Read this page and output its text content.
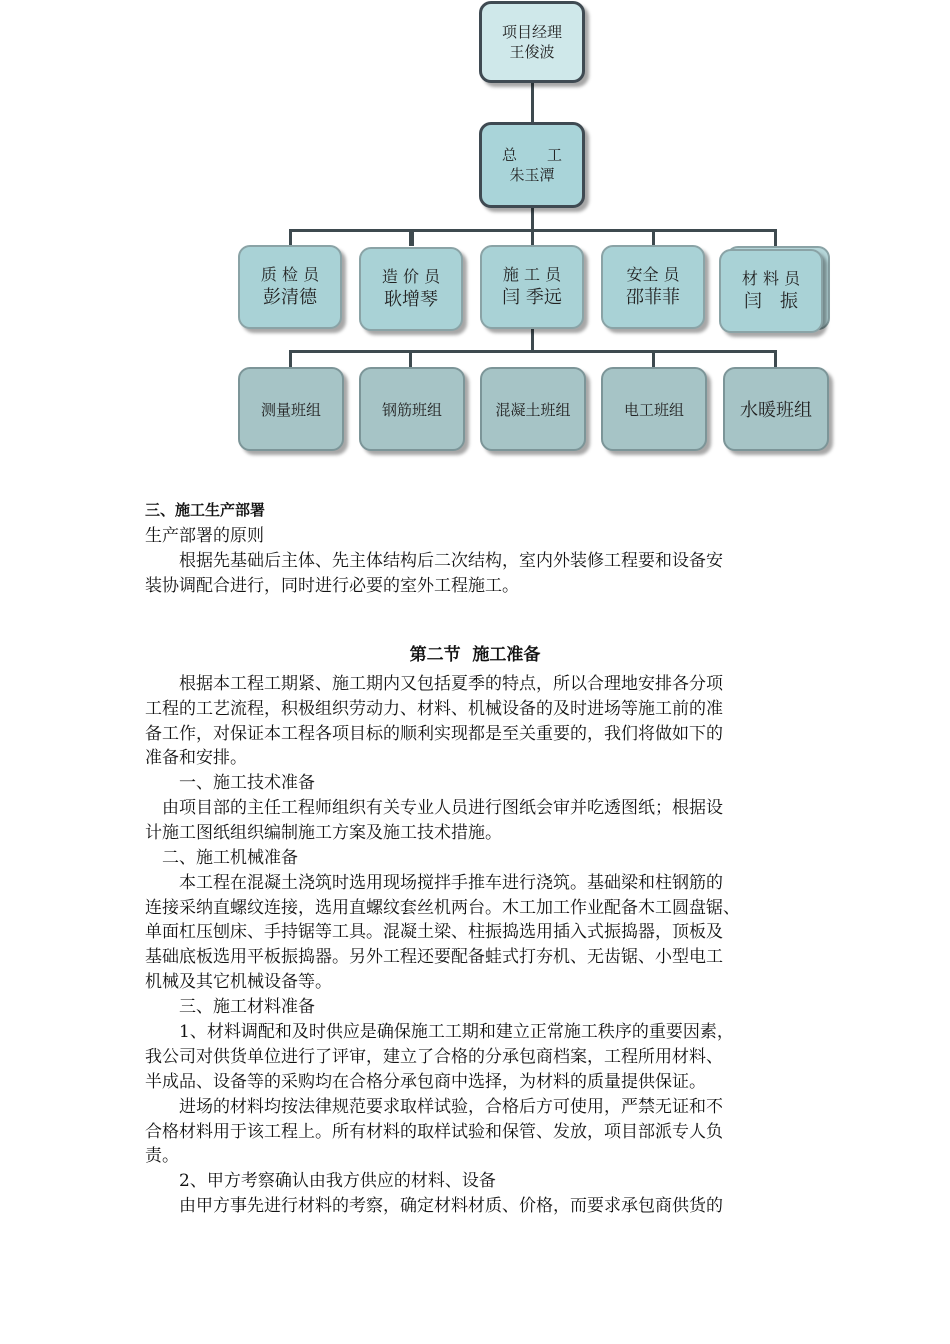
项目经理
王俊波
总　　工
朱玉潭
质 检 员
彭清德
造 价 员
耿增琴
施 工 员
闫 季远
安全 员
邵菲菲
材 料 员
闫　振
测量班组	钢筋班组	混凝土班组	电工班组	水暖班组
三、施工生产部署
生产部署的原则
　　根据先基础后主体、先主体结构后二次结构，室内外装修工程要和设备安
装协调配合进行，同时进行必要的室外工程施工。
第二节  施工准备
　　根据本工程工期紧、施工期内又包括夏季的特点，所以合理地安排各分项
工程的工艺流程，积极组织劳动力、材料、机械设备的及时进场等施工前的准
备工作，对保证本工程各项目标的顺利实现都是至关重要的，我们将做如下的
准备和安排。
　　一、施工技术准备
　由项目部的主任工程师组织有关专业人员进行图纸会审并吃透图纸；根据设
计施工图纸组织编制施工方案及施工技术措施。
　二、施工机械准备
　　本工程在混凝土浇筑时选用现场搅拌手推车进行浇筑。基础梁和柱钢筋的
连接采纳直螺纹连接，选用直螺纹套丝机两台。木工加工作业配备木工圆盘锯、
单面杠压刨床、手持锯等工具。混凝土梁、柱振捣选用插入式振捣器，顶板及
基础底板选用平板振捣器。另外工程还要配备蛙式打夯机、无齿锯、小型电工
机械及其它机械设备等。
　　三、施工材料准备
　　1、材料调配和及时供应是确保施工工期和建立正常施工秩序的重要因素，
我公司对供货单位进行了评审，建立了合格的分承包商档案，工程所用材料、
半成品、设备等的采购均在合格分承包商中选择，为材料的质量提供保证。
　　进场的材料均按法律规范要求取样试验，合格后方可使用，严禁无证和不
合格材料用于该工程上。所有材料的取样试验和保管、发放，项目部派专人负
责。
　　2、甲方考察确认由我方供应的材料、设备
　　由甲方事先进行材料的考察，确定材料材质、价格，而要求承包商供货的
